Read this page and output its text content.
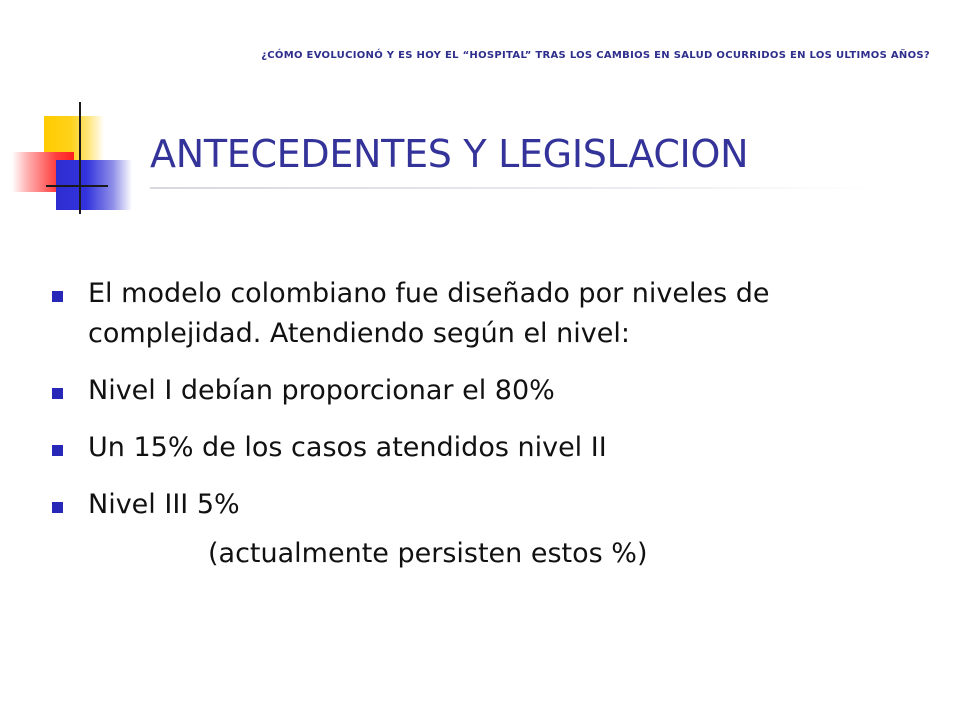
¿CÓMO EVOLUCIONÓ Y ES HOY EL “HOSPITAL” TRAS LOS CAMBIOS EN SALUD OCURRIDOS EN LOS ULTIMOS AÑOS?
ANTECEDENTES Y LEGISLACION
El modelo colombiano fue diseñado por niveles de complejidad. Atendiendo según el nivel:
Nivel I debían proporcionar el 80%
Un 15% de los casos atendidos nivel II
Nivel III 5%
(actualmente persisten estos %)
